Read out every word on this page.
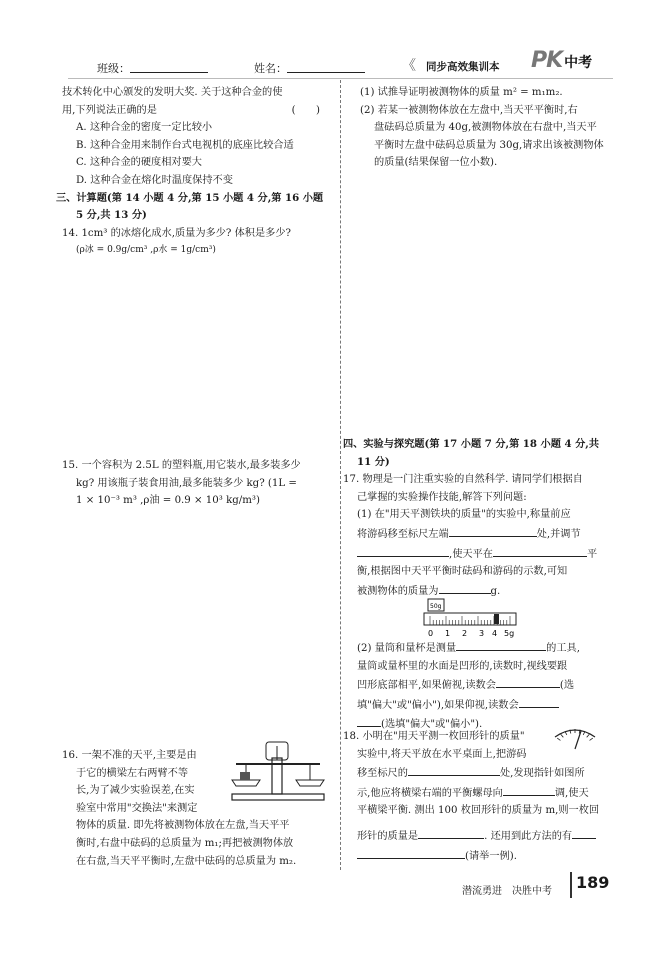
班级：	姓名：	《 同步高效集训本 PK 中考

技术转化中心颁发的发明大奖. 关于这种合金的使

用,下列说法正确的是	(　　)

A. 这种合金的密度一定比较小

B. 这种合金用来制作台式电视机的底座比较合适

C. 这种合金的硬度相对要大

D. 这种合金在熔化时温度保持不变

三、计算题(第 14 小题 4 分,第 15 小题 4 分,第 16 小题

5 分,共 13 分)

14. 1cm³ 的冰熔化成水,质量为多少? 体积是多少?

(ρ冰 = 0.9g/cm³ ,ρ水 = 1g/cm³)

15. 一个容积为 2.5L 的塑料瓶,用它装水,最多装多少

kg? 用该瓶子装食用油,最多能装多少 kg? (1L =

1 × 10⁻³ m³ ,ρ油 = 0.9 × 10³ kg/m³)

16. 一架不准的天平,主要是由

于它的横梁左右两臂不等

长,为了减少实验误差,在实

验室中常用"交换法"来测定

物体的质量. 即先将被测物体放在左盘,当天平平

衡时,右盘中砝码的总质量为 m₁;再把被测物体放

在右盘,当天平平衡时,左盘中砝码的总质量为 m₂.

(1) 试推导证明被测物体的质量 m² = m₁m₂.

(2) 若某一被测物体放在左盘中,当天平平衡时,右

盘砝码总质量为 40g,被测物体放在右盘中,当天平

平衡时左盘中砝码总质量为 30g,请求出该被测物体

的质量(结果保留一位小数).

四、实验与探究题(第 17 小题 7 分,第 18 小题 4 分,共

11 分)

17. 物理是一门注重实验的自然科学. 请同学们根据自

己掌握的实验操作技能,解答下列问题:

(1) 在"用天平测铁块的质量"的实验中,称量前应

将游码移至标尺左端	处,并调节

,使天平在	平

衡,根据图中天平平衡时砝码和游码的示数,可知

被测物体的质量为	g.

50g
0 1 2 3 4 5g

(2) 量筒和量杯是测量	的工具,

量筒或量杯里的水面是凹形的,读数时,视线要跟

凹形底部相平,如果俯视,读数会	(选

填"偏大"或"偏小"),如果仰视,读数会

(选填"偏大"或"偏小").

18. 小明在"用天平测一枚回形针的质量"

实验中,将天平放在水平桌面上,把游码

移至标尺的	处,发现指针如图所

示,他应将横梁右端的平衡螺母向	调,使天

平横梁平衡. 测出 100 枚回形针的质量为 m,则一枚回

形针的质量是	. 还用到此方法的有

(请举一例).

潜流勇进　决胜中考 189
